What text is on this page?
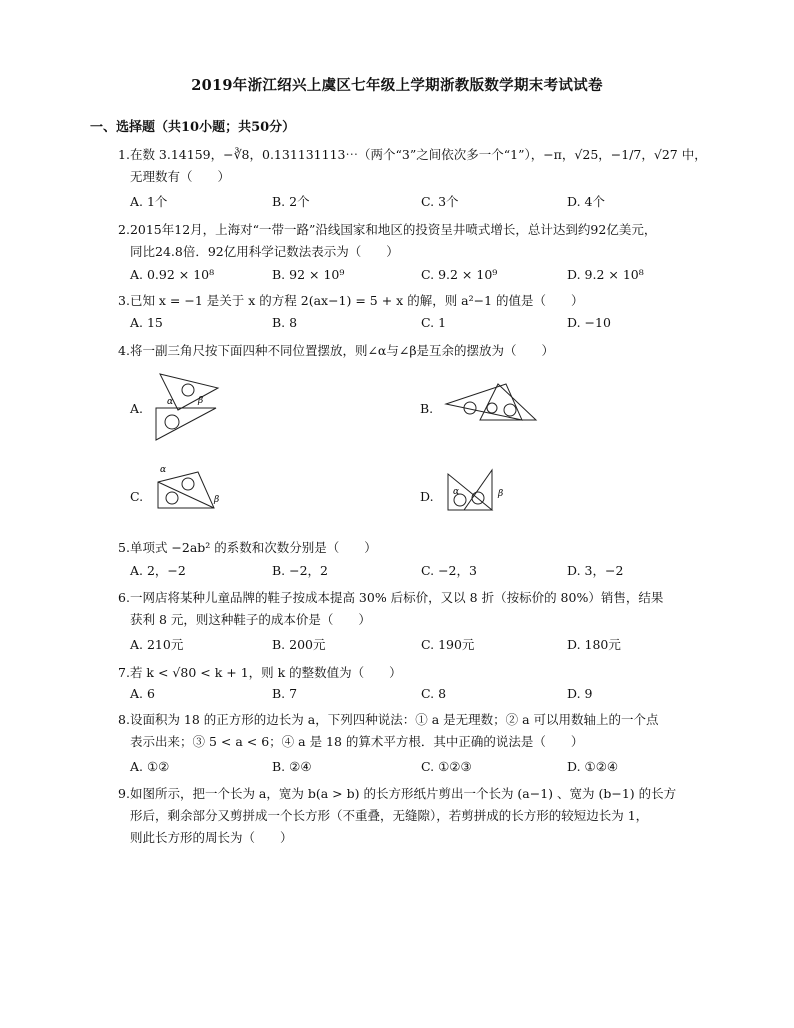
2019年浙江绍兴上虞区七年级上学期浙教版数学期末考试试卷
一、选择题（共10小题；共50分）
1.在数 3.14159，−∛8，0.131131113⋯（两个“3”之间依次多一个“1”），−π，√25，−1/7，√27 中，
无理数有（　　）
A. 1个	B. 2个	C. 3个	D. 4个
2.2015年12月，上海对“一带一路”沿线国家和地区的投资呈井喷式增长，总计达到约92亿美元，
同比24.8倍．92亿用科学记数法表示为（　　）
A. 0.92 × 10⁸	B. 92 × 10⁹	C. 9.2 × 10⁹	D. 9.2 × 10⁸
3.已知 x = −1 是关于 x 的方程 2(ax−1) = 5 + x 的解，则 a²−1 的值是（　　）
A. 15	B. 8	C. 1	D. −10
4.将一副三角尺按下面四种不同位置摆放，则∠α与∠β是互余的摆放为（　　）
A.	α	β	B.
C.
α
β	D. α	β
5.单项式 −2ab² 的系数和次数分别是（　　）
A. 2，−2	B. −2，2	C. −2，3	D. 3，−2
6.一网店将某种儿童品牌的鞋子按成本提高 30% 后标价，又以 8 折（按标价的 80%）销售，结果
获利 8 元，则这种鞋子的成本价是（　　）
A. 210元	B. 200元	C. 190元	D. 180元
7.若 k < √80 < k + 1，则 k 的整数值为（　　）
A. 6	B. 7	C. 8	D. 9
8.设面积为 18 的正方形的边长为 a，下列四种说法：① a 是无理数；② a 可以用数轴上的一个点
表示出来；③ 5 < a < 6；④ a 是 18 的算术平方根．其中正确的说法是（　　）
A. ①②	B. ②④	C. ①②③	D. ①②④
9.如图所示，把一个长为 a，宽为 b(a > b) 的长方形纸片剪出一个长为 (a−1) 、宽为 (b−1) 的长方
形后，剩余部分又剪拼成一个长方形（不重叠，无缝隙），若剪拼成的长方形的较短边长为 1，
则此长方形的周长为（　　）
